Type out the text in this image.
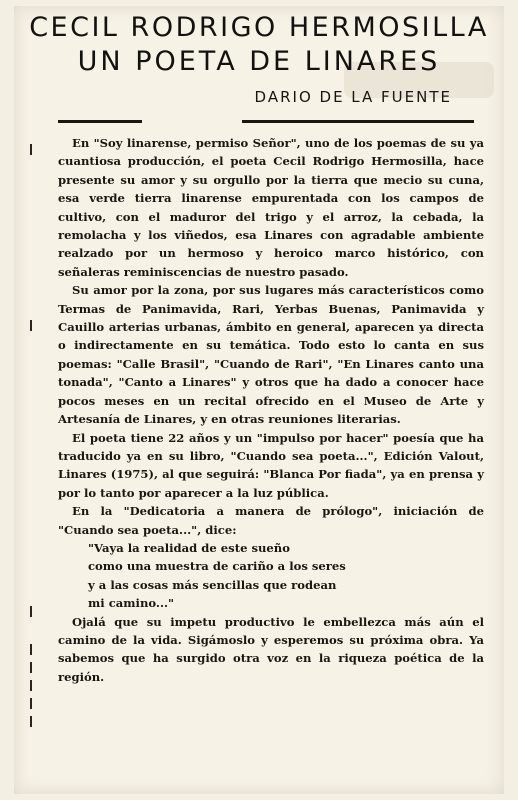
CECIL RODRIGO HERMOSILLA
UN POETA DE LINARES
DARIO DE LA FUENTE

En "Soy linarense, permiso Señor", uno de los poemas de su ya cuantiosa producción, el poeta Cecil Rodrigo Hermosilla, hace presente su amor y su orgullo por la tierra que mecio su cuna, esa verde tierra linarense empurentada con los campos de cultivo, con el maduror del trigo y el arroz, la cebada, la remolacha y los viñedos, esa Linares con agradable ambiente realzado por un hermoso y heroico marco histórico, con señaleras reminiscencias de nuestro pasado.

Su amor por la zona, por sus lugares más característicos como Termas de Panimavida, Rari, Yerbas Buenas, Panimavida y Cauillo arterias urbanas, ámbito en general, aparecen ya directa o indirectamente en su temática. Todo esto lo canta en sus poemas: "Calle Brasil", "Cuando de Rari", "En Linares canto una tonada", "Canto a Linares" y otros que ha dado a conocer hace pocos meses en un recital ofrecido en el Museo de Arte y Artesanía de Linares, y en otras reuniones literarias.

El poeta tiene 22 años y un "impulso por hacer" poesía que ha traducido ya en su libro, "Cuando sea poeta...", Edición Valout, Linares (1975), al que seguirá: "Blanca Por fiada", ya en prensa y por lo tanto por aparecer a la luz pública.

En la "Dedicatoria a manera de prólogo", iniciación de "Cuando sea poeta...", dice:

"Vaya la realidad de este sueño

como una muestra de cariño a los seres

y a las cosas más sencillas que rodean

mi camino..."

Ojalá que su impetu productivo le embellezca más aún el camino de la vida. Sigámoslo y esperemos su próxima obra. Ya sabemos que ha surgido otra voz en la riqueza poética de la región.
